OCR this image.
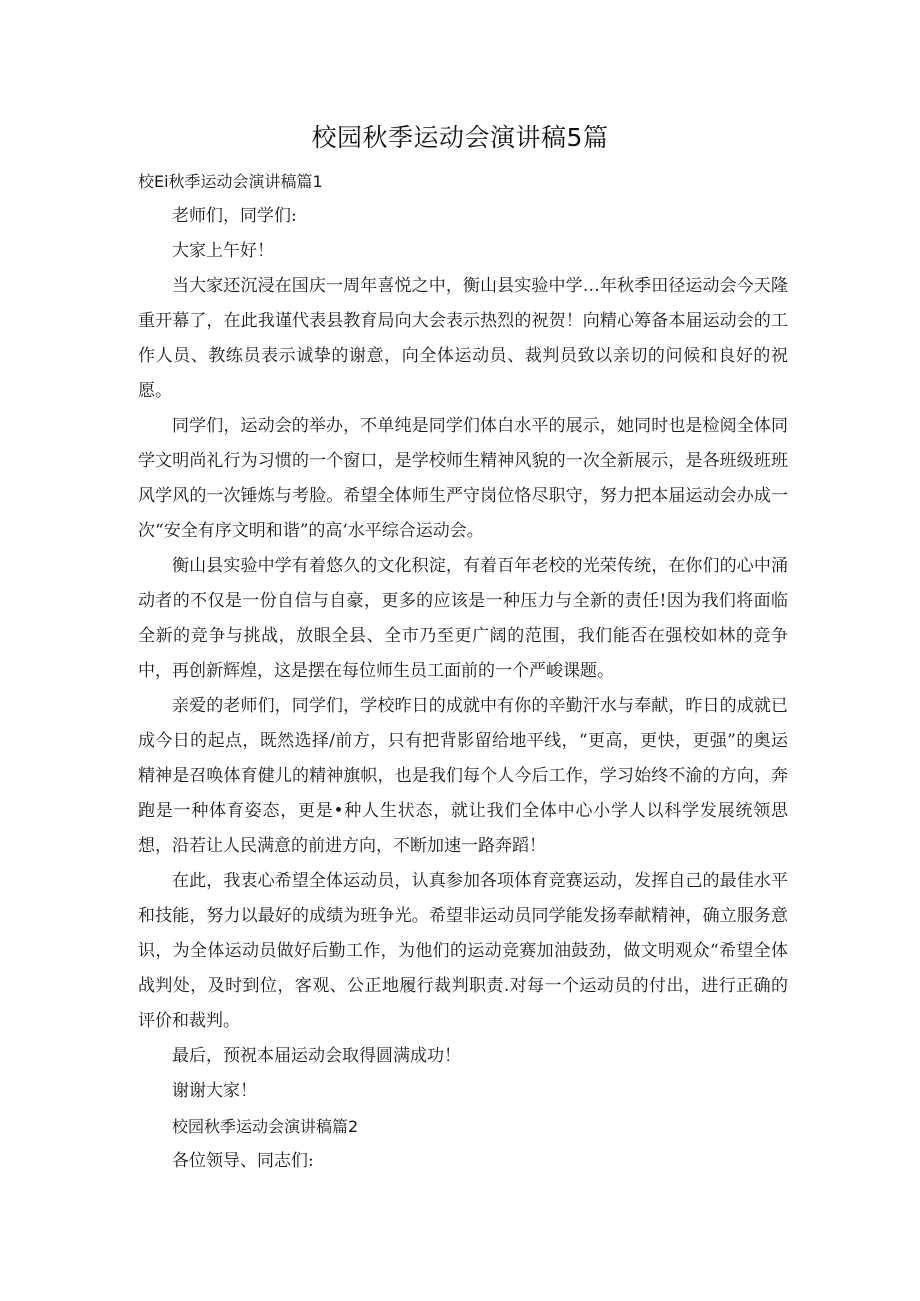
校园秋季运动会演讲稿5篇
校Ei秋季运动会演讲稿篇1
老师们，同学们:
大家上午好！

当大家还沉浸在国庆一周年喜悦之中，衡山县实验中学…年秋季田径运动会今天隆重开幕了，在此我谨代表县教育局向大会表示热烈的祝贺！向精心筹备本届运动会的工作人员、教练员表示诚挚的谢意，向全体运动员、裁判员致以亲切的问候和良好的祝愿。

同学们，运动会的举办，不单纯是同学们体白水平的展示，她同时也是检阅全体同学文明尚礼行为习惯的一个窗口，是学校师生精神风貌的一次全新展示，是各班级班班风学风的一次锤炼与考脸。希望全体师生严守岗位恪尽职守，努力把本届运动会办成一次“安全有序文明和谐”的高‘水平综合运动会。

衡山县实验中学有着悠久的文化积淀，有着百年老校的光荣传统，在你们的心中涌动者的不仅是一份自信与自豪，更多的应该是一种压力与全新的责任!因为我们将面临全新的竞争与挑战，放眼全县、全市乃至更广阔的范围，我们能否在强校如林的竞争中，再创新辉煌，这是摆在每位师生员工面前的一个严峻课题。

亲爱的老师们，同学们，学校昨日的成就中有你的辛勤汗水与奉献，昨日的成就已成今日的起点，既然选择/前方，只有把背影留给地平线，“更高，更快，更强”的奥运精神是召唤体育健儿的精神旗帜，也是我们每个人今后工作，学习始终不渝的方向，奔跑是一种体育姿态，更是•种人生状态，就让我们全体中心小学人以科学发展统领思想，沿若让人民满意的前进方向，不断加速一路奔蹈！

在此，我衷心希望全体运动员，认真参加各项体育竞赛运动，发挥自己的最佳水平和技能，努力以最好的成绩为班争光。希望非运动员同学能发扬奉献精神，确立服务意识，为全体运动员做好后勤工作，为他们的运动竞赛加油鼓劲，做文明观众“希望全体战判处，及时到位，客观、公正地履行裁判职责.对每一个运动员的付出，进行正确的评价和裁判。

最后，预祝本届运动会取得圆满成功！
谢谢大家！
校园秋季运动会演讲稿篇2
各位领导、同志们:
